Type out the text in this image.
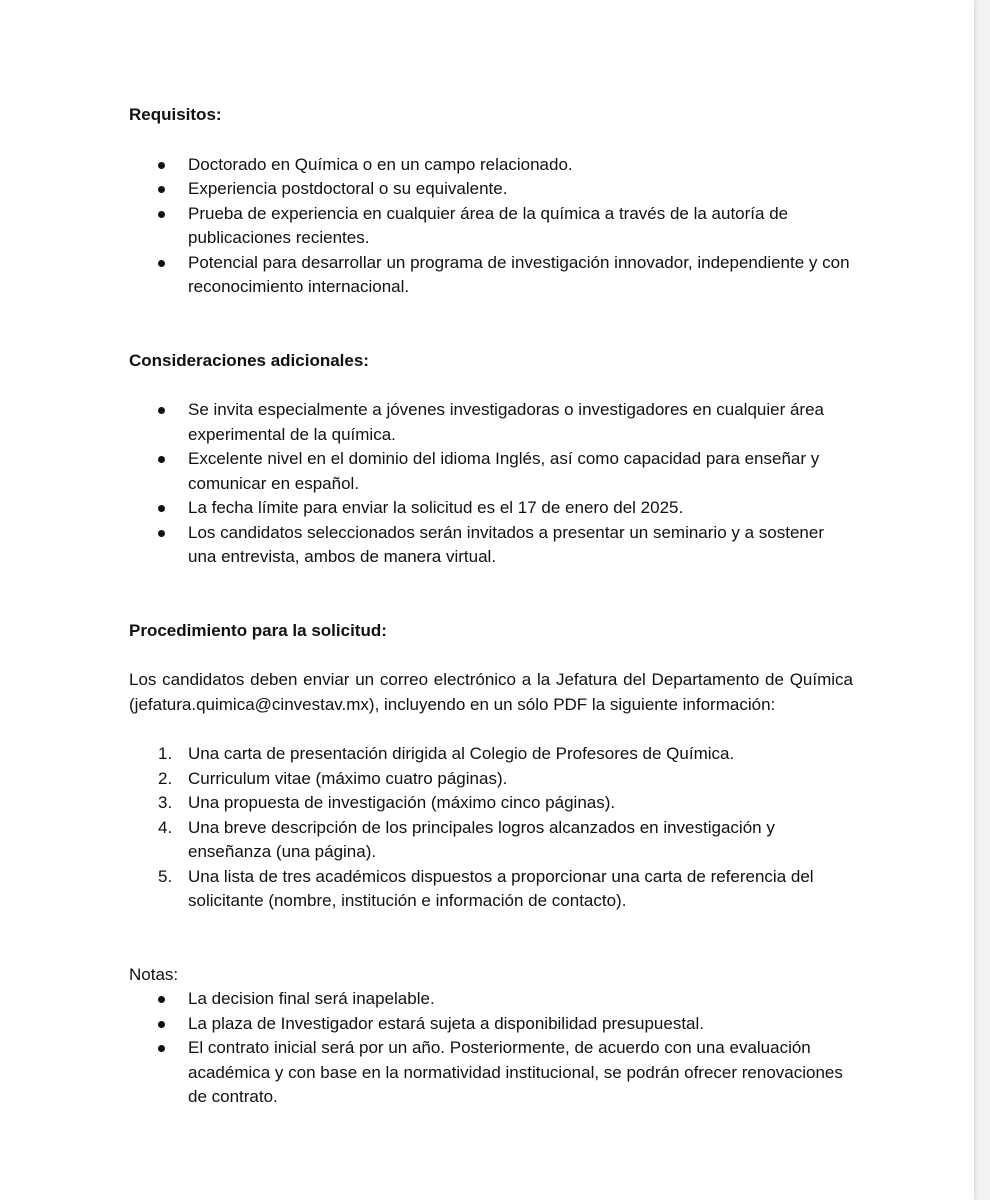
Requisitos:
Doctorado en Química o en un campo relacionado.
Experiencia postdoctoral o su equivalente.
Prueba de experiencia en cualquier área de la química a través de la autoría de publicaciones recientes.
Potencial para desarrollar un programa de investigación innovador, independiente y con reconocimiento internacional.
Consideraciones adicionales:
Se invita especialmente a jóvenes investigadoras o investigadores en cualquier área experimental de la química.
Excelente nivel en el dominio del idioma Inglés, así como capacidad para enseñar y comunicar en español.
La fecha límite para enviar la solicitud es el 17 de enero del 2025.
Los candidatos seleccionados serán invitados a presentar un seminario y a sostener una entrevista, ambos de manera virtual.
Procedimiento para la solicitud:

Los candidatos deben enviar un correo electrónico a la Jefatura del Departamento de Química (jefatura.quimica@cinvestav.mx), incluyendo en un sólo PDF la siguiente información:

1. Una carta de presentación dirigida al Colegio de Profesores de Química.
2. Curriculum vitae (máximo cuatro páginas).
3. Una propuesta de investigación (máximo cinco páginas).
4. Una breve descripción de los principales logros alcanzados en investigación y enseñanza (una página).
5. Una lista de tres académicos dispuestos a proporcionar una carta de referencia del solicitante (nombre, institución e información de contacto).
Notas:
La decision final será inapelable.
La plaza de Investigador estará sujeta a disponibilidad presupuestal.
El contrato inicial será por un año. Posteriormente, de acuerdo con una evaluación académica y con base en la normatividad institucional, se podrán ofrecer renovaciones de contrato.
